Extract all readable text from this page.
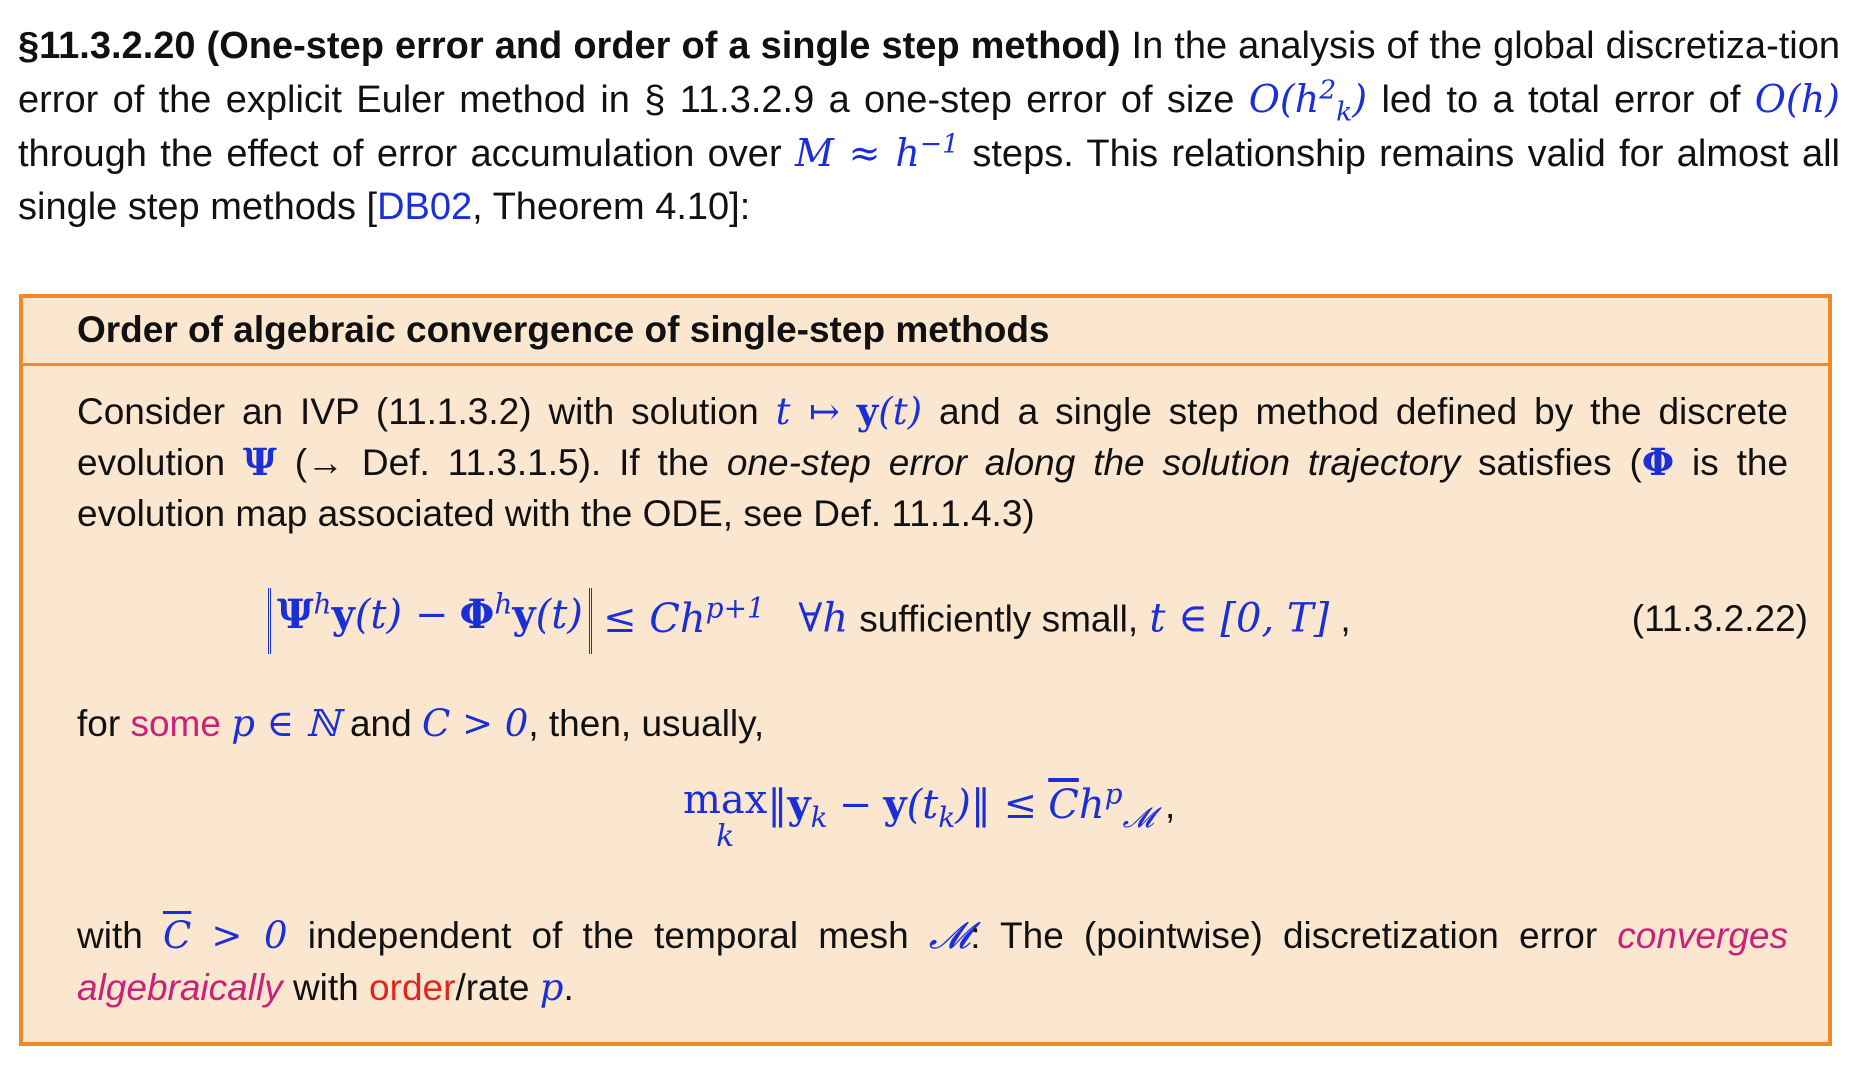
§11.3.2.20 (One-step error and order of a single step method) In the analysis of the global discretiza-tion error of the explicit Euler method in § 11.3.2.9 a one-step error of size $O(h^2_k)$ led to a total error of O(h) through the effect of error accumulation over $M \approx h^{-1}$ steps. This relationship remains valid for almost all single step methods [DB02, Theorem 4.10]:
Order of algebraic convergence of single-step methods
Consider an IVP (11.1.3.2) with solution t ↦ y(t) and a single step method defined by the discrete evolution Ψ (→ Def. 11.3.1.5). If the one-step error along the solution trajectory satisfies (Φ is the evolution map associated with the ODE, see Def. 11.1.4.3)
$\Psi^hy(t) - \Phi^hy(t) \le Ch^{p+1}$ ∀h sufficiently small, t ∈ [0, T] ,	(11.3.2.22)
for some p ∈ ℕ and C > 0, then, usually,
max
k
$‖y_k$ − $y(t_k)‖ \le \overline{C}h^p_𝓜$ ,
with $\overline{C} > 0$ independent of the temporal mesh 𝓜: The (pointwise) discretization error converges algebraically with order/rate p.
